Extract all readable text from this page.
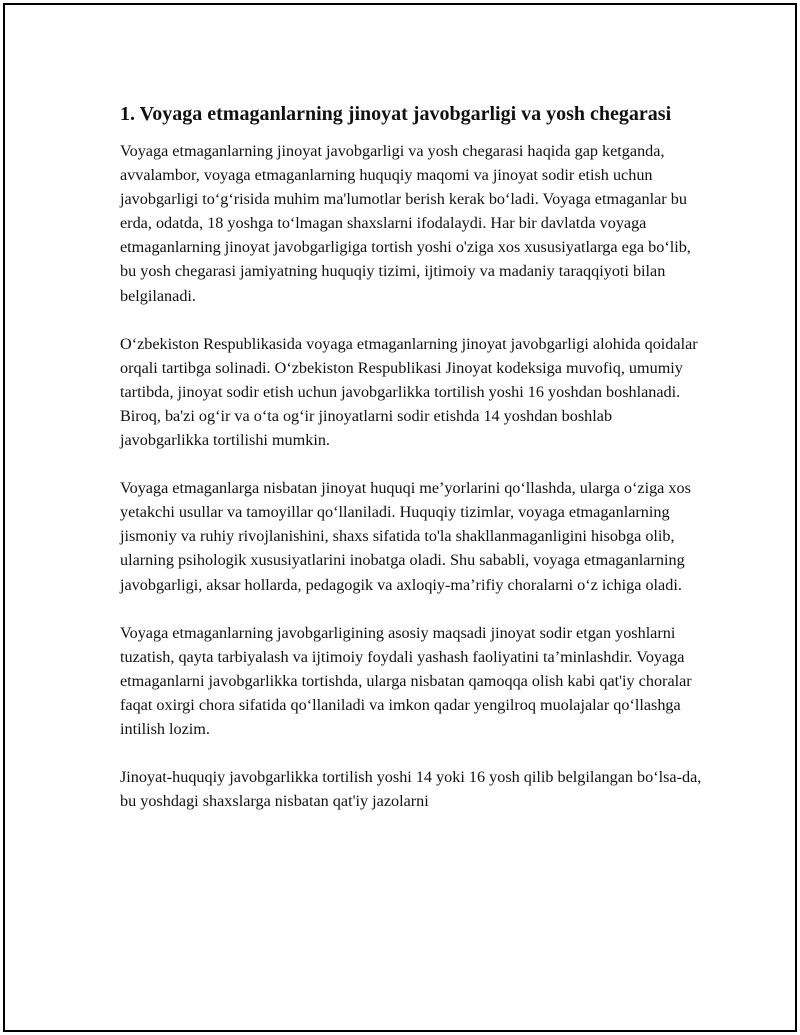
1. Voyaga etmaganlarning jinoyat javobgarligi va yosh chegarasi

Voyaga etmaganlarning jinoyat javobgarligi va yosh chegarasi haqida gap ketganda, avvalambor, voyaga etmaganlarning huquqiy maqomi va jinoyat sodir etish uchun javobgarligi to‘g‘risida muhim ma'lumotlar berish kerak bo‘ladi. Voyaga etmaganlar bu erda, odatda, 18 yoshga to‘lmagan shaxslarni ifodalaydi. Har bir davlatda voyaga etmaganlarning jinoyat javobgarligiga tortish yoshi o'ziga xos xususiyatlarga ega bo‘lib, bu yosh chegarasi jamiyatning huquqiy tizimi, ijtimoiy va madaniy taraqqiyoti bilan belgilanadi.

O‘zbekiston Respublikasida voyaga etmaganlarning jinoyat javobgarligi alohida qoidalar orqali tartibga solinadi. O‘zbekiston Respublikasi Jinoyat kodeksiga muvofiq, umumiy tartibda, jinoyat sodir etish uchun javobgarlikka tortilish yoshi 16 yoshdan boshlanadi. Biroq, ba'zi og‘ir va o‘ta og‘ir jinoyatlarni sodir etishda 14 yoshdan boshlab javobgarlikka tortilishi mumkin.

Voyaga etmaganlarga nisbatan jinoyat huquqi me’yorlarini qo‘llashda, ularga o‘ziga xos yetakchi usullar va tamoyillar qo‘llaniladi. Huquqiy tizimlar, voyaga etmaganlarning jismoniy va ruhiy rivojlanishini, shaxs sifatida to'la shakllanmaganligini hisobga olib, ularning psihologik xususiyatlarini inobatga oladi. Shu sababli, voyaga etmaganlarning javobgarligi, aksar hollarda, pedagogik va axloqiy-ma’rifiy choralarni o‘z ichiga oladi.

Voyaga etmaganlarning javobgarligining asosiy maqsadi jinoyat sodir etgan yoshlarni tuzatish, qayta tarbiyalash va ijtimoiy foydali yashash faoliyatini ta’minlashdir. Voyaga etmaganlarni javobgarlikka tortishda, ularga nisbatan qamoqqa olish kabi qat'iy choralar faqat oxirgi chora sifatida qo‘llaniladi va imkon qadar yengilroq muolajalar qo‘llashga intilish lozim.

Jinoyat-huquqiy javobgarlikka tortilish yoshi 14 yoki 16 yosh qilib belgilangan bo‘lsa-da, bu yoshdagi shaxslarga nisbatan qat'iy jazolarni
